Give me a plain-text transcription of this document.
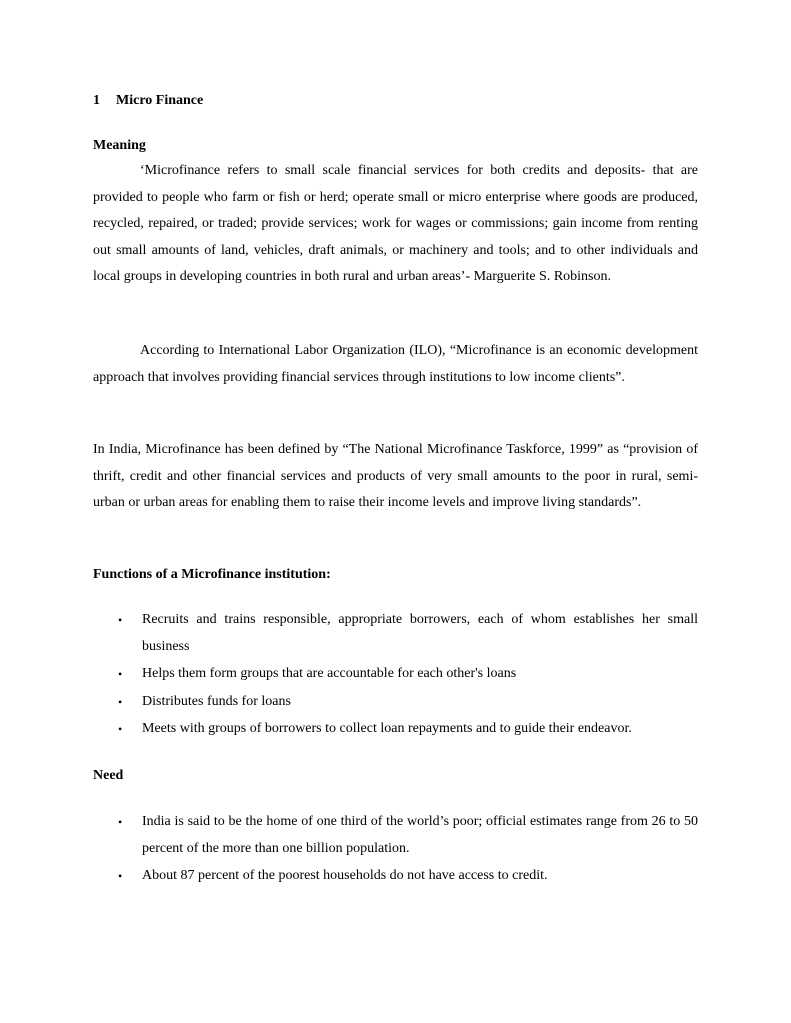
1 Micro Finance
Meaning

‘Microfinance refers to small scale financial services for both credits and deposits- that are provided to people who farm or fish or herd; operate small or micro enterprise where goods are produced, recycled, repaired, or traded; provide services; work for wages or commissions; gain income from renting out small amounts of land, vehicles, draft animals, or machinery and tools; and to other individuals and local groups in developing countries in both rural and urban areas’- Marguerite S. Robinson.

According to International Labor Organization (ILO), “Microfinance is an economic development approach that involves providing financial services through institutions to low income clients”.

In India, Microfinance has been defined by “The National Microfinance Taskforce, 1999” as “provision of thrift, credit and other financial services and products of very small amounts to the poor in rural, semi-urban or urban areas for enabling them to raise their income levels and improve living standards”.

Functions of a Microfinance institution:
• Recruits and trains responsible, appropriate borrowers, each of whom establishes her small business
• Helps them form groups that are accountable for each other's loans
• Distributes funds for loans
• Meets with groups of borrowers to collect loan repayments and to guide their endeavor.
Need
• India is said to be the home of one third of the world’s poor; official estimates range from 26 to 50 percent of the more than one billion population.
• About 87 percent of the poorest households do not have access to credit.
